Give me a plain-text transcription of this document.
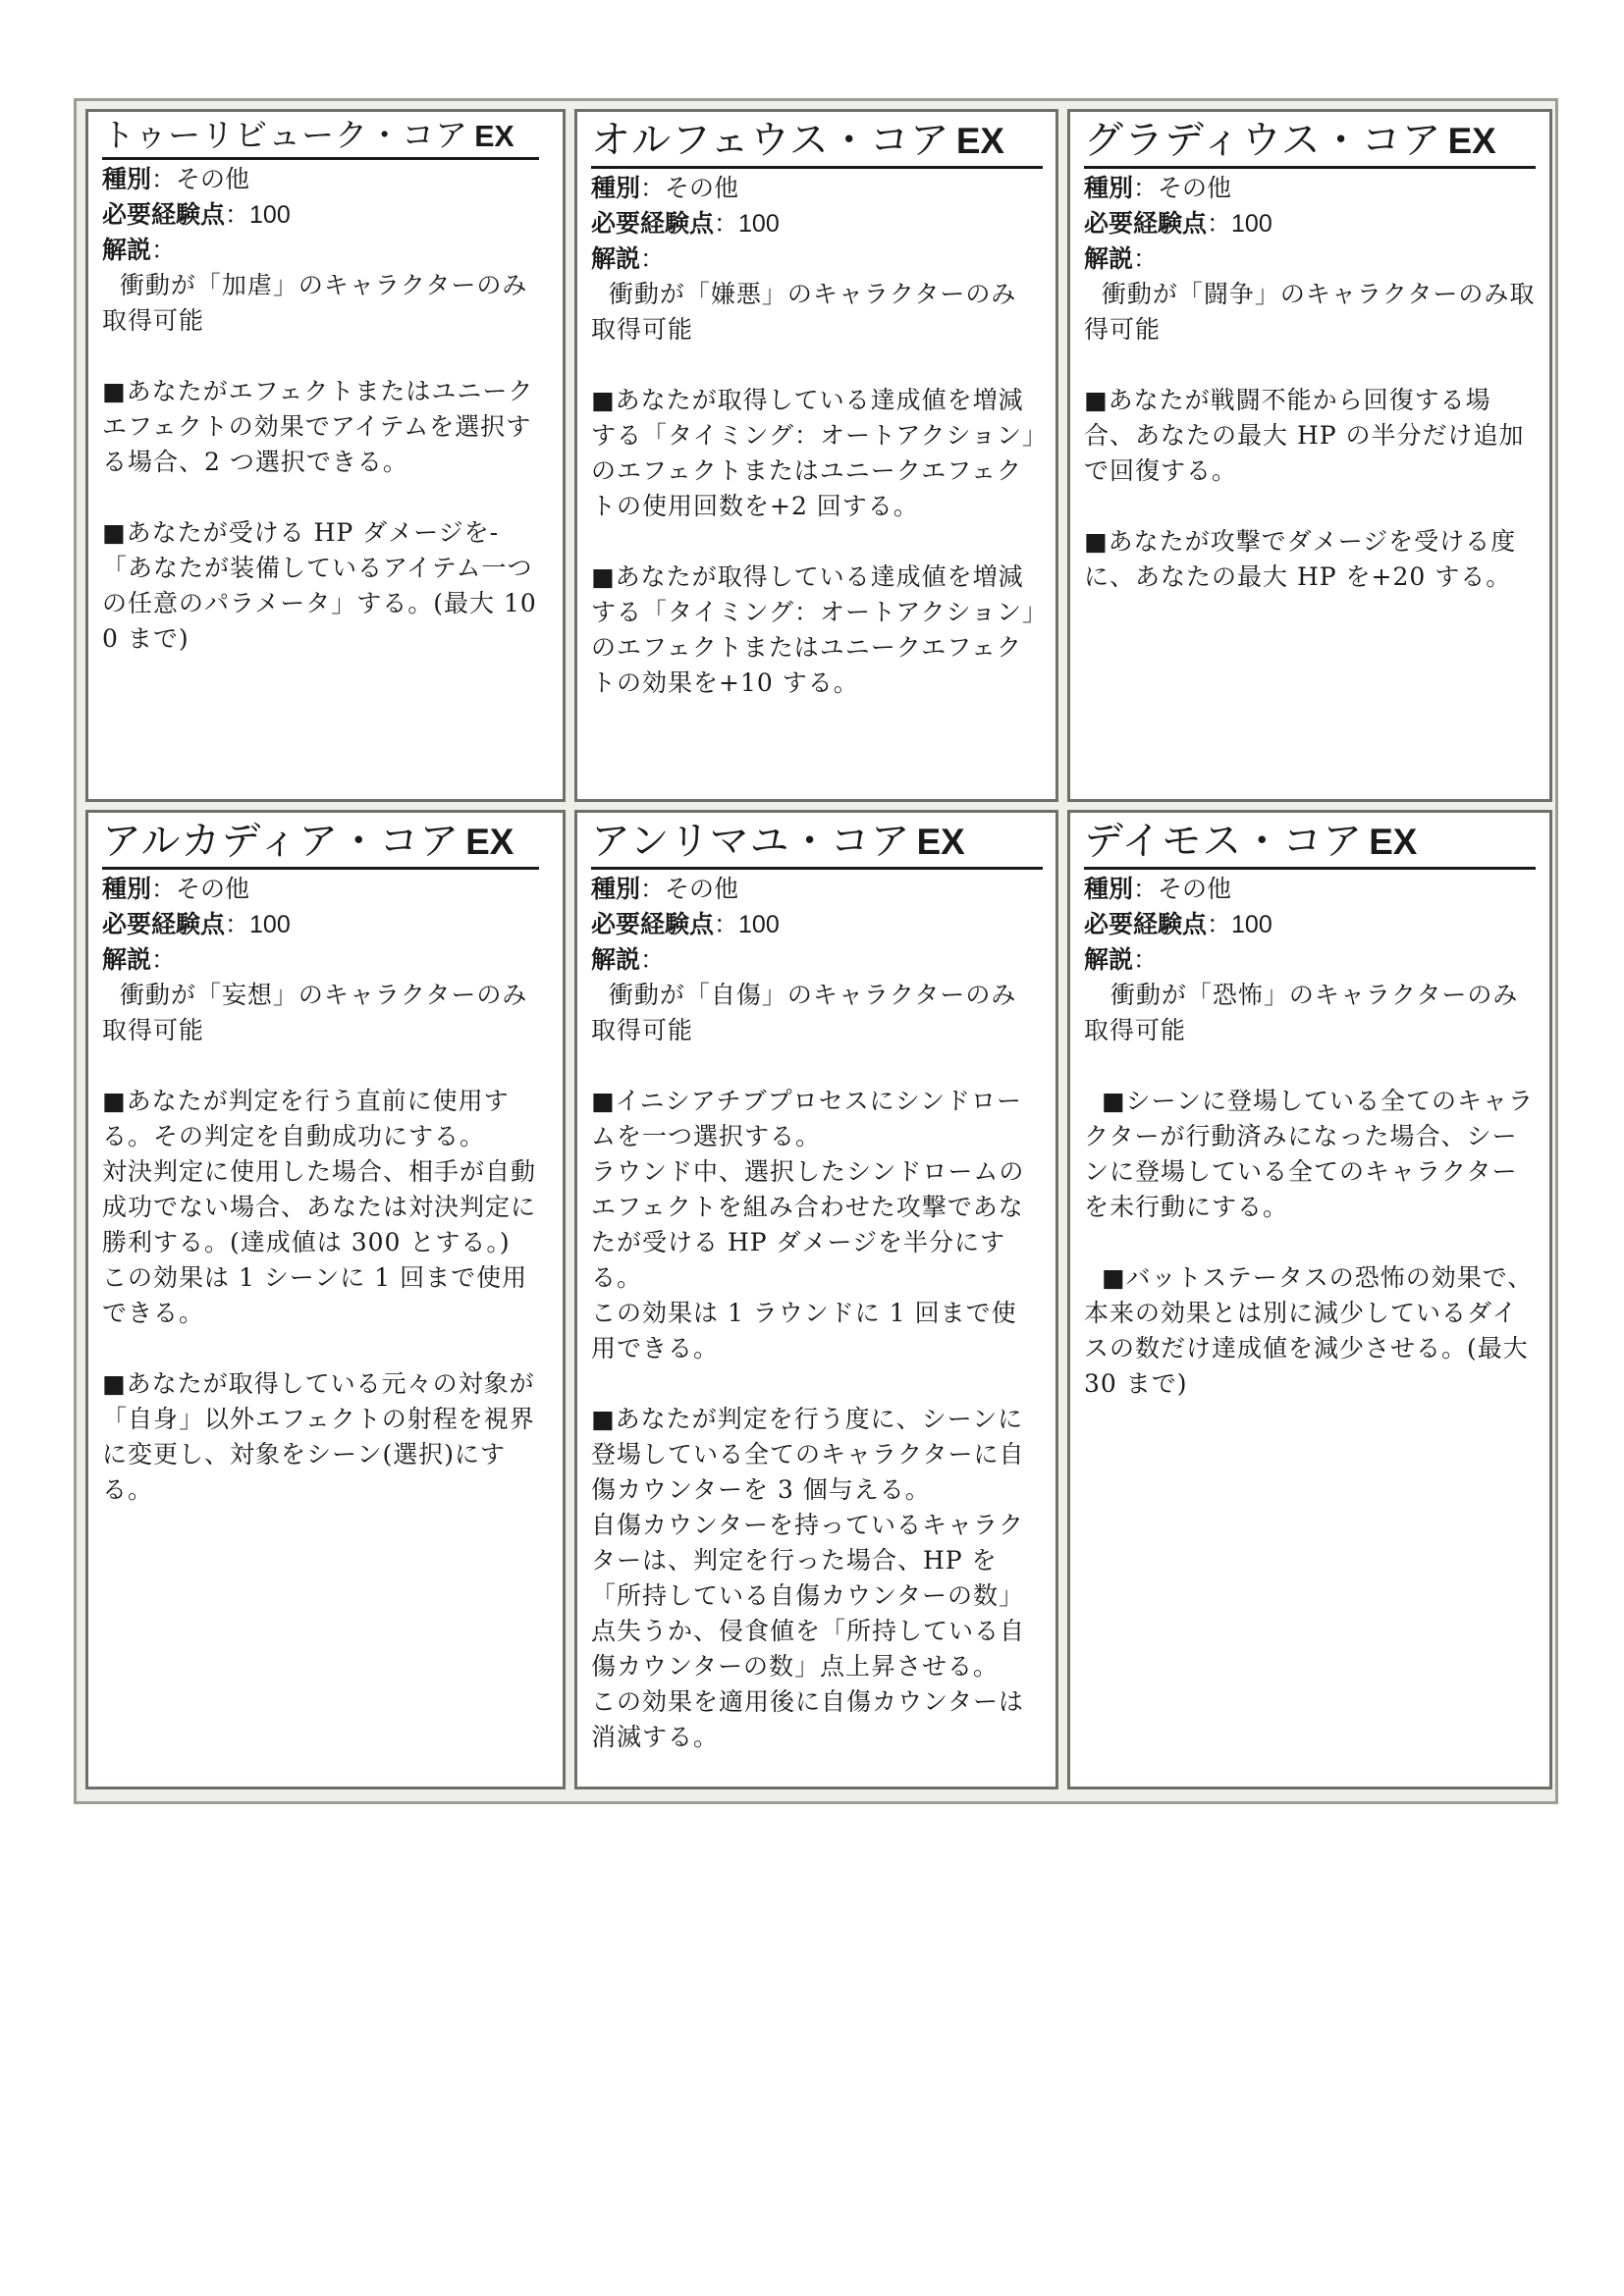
トゥーリビューク・コア EX
種別：その他
必要経験点：100
解説：

衝動が「加虐」のキャラクターのみ取得可能

■あなたがエフェクトまたはユニークエフェクトの効果でアイテムを選択する場合、2 つ選択できる。

■あなたが受ける HP ダメージを-「あなたが装備しているアイテム一つの任意のパラメータ」する。(最大 100 まで)

オルフェウス・コア EX
種別：その他
必要経験点：100
解説：

衝動が「嫌悪」のキャラクターのみ取得可能

■あなたが取得している達成値を増減する「タイミング：オートアクション」のエフェクトまたはユニークエフェクトの使用回数を+2 回する。

■あなたが取得している達成値を増減する「タイミング：オートアクション」のエフェクトまたはユニークエフェクトの効果を+10 する。

グラディウス・コア EX
種別：その他
必要経験点：100
解説：

衝動が「闘争」のキャラクターのみ取得可能

■あなたが戦闘不能から回復する場合、あなたの最大 HP の半分だけ追加で回復する。

■あなたが攻撃でダメージを受ける度に、あなたの最大 HP を+20 する。

アルカディア・コア EX
種別：その他
必要経験点：100
解説：

衝動が「妄想」のキャラクターのみ取得可能

■あなたが判定を行う直前に使用する。その判定を自動成功にする。
対決判定に使用した場合、相手が自動成功でない場合、あなたは対決判定に勝利する。(達成値は 300 とする。)
この効果は 1 シーンに 1 回まで使用できる。

■あなたが取得している元々の対象が「自身」以外エフェクトの射程を視界に変更し、対象をシーン(選択)にする。

アンリマユ・コア EX
種別：その他
必要経験点：100
解説：

衝動が「自傷」のキャラクターのみ取得可能

■イニシアチブプロセスにシンドロームを一つ選択する。
ラウンド中、選択したシンドロームのエフェクトを組み合わせた攻撃であなたが受ける HP ダメージを半分にする。
この効果は 1 ラウンドに 1 回まで使用できる。

■あなたが判定を行う度に、シーンに登場している全てのキャラクターに自傷カウンターを 3 個与える。
自傷カウンターを持っているキャラクターは、判定を行った場合、HP を「所持している自傷カウンターの数」点失うか、侵食値を「所持している自傷カウンターの数」点上昇させる。
この効果を適用後に自傷カウンターは消滅する。

デイモス・コア EX
種別：その他
必要経験点：100
解説：

衝動が「恐怖」のキャラクターのみ取得可能

■シーンに登場している全てのキャラクターが行動済みになった場合、シーンに登場している全てのキャラクターを未行動にする。

■バットステータスの恐怖の効果で、本来の効果とは別に減少しているダイスの数だけ達成値を減少させる。(最大 30 まで)
